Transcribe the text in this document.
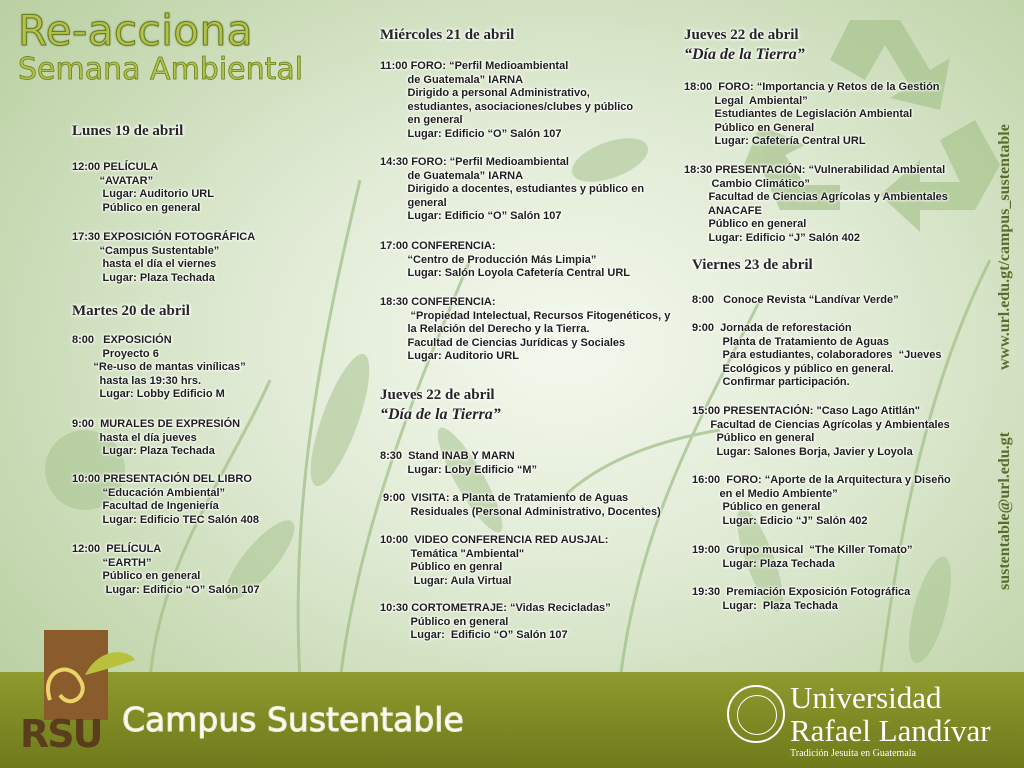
Re-acciona
Semana Ambiental
Lunes 19 de abril
12:00 PELÍCULA
“AVATAR”
Lugar: Auditorio URL
Público en general
17:30 EXPOSICIÓN FOTOGRÁFICA
“Campus Sustentable”
hasta el día el viernes
Lugar: Plaza Techada
Martes 20 de abril
8:00   EXPOSICIÓN
Proyecto 6
“Re-uso de mantas vinílicas”
hasta las 19:30 hrs.
Lugar: Lobby Edificio M
9:00  MURALES DE EXPRESIÓN
hasta el día jueves
Lugar: Plaza Techada
10:00 PRESENTACIÓN DEL LIBRO
“Educación Ambiental”
Facultad de Ingeniería
Lugar: Edificio TEC Salón 408
12:00  PELÍCULA
“EARTH”
Público en general
Lugar: Edificio “O” Salón 107
Miércoles 21 de abril
11:00 FORO: “Perfil Medioambiental
de Guatemala” IARNA
Dirigido a personal Administrativo,
estudiantes, asociaciones/clubes y público
en general
Lugar: Edificio “O” Salón 107
14:30 FORO: “Perfil Medioambiental
de Guatemala” IARNA
Dirigido a docentes, estudiantes y público en
general
Lugar: Edificio “O” Salón 107
17:00 CONFERENCIA:
“Centro de Producción Más Limpia”
Lugar: Salón Loyola Cafetería Central URL
18:30 CONFERENCIA:
“Propiedad Intelectual, Recursos Fitogenéticos, y
la Relación del Derecho y la Tierra.
Facultad de Ciencias Jurídicas y Sociales
Lugar: Auditorio URL
Jueves 22 de abril
“Día de la Tierra”
8:30  Stand INAB Y MARN
Lugar: Loby Edificio “M”
9:00  VISITA: a Planta de Tratamiento de Aguas
Residuales (Personal Administrativo, Docentes)
10:00  VIDEO CONFERENCIA RED AUSJAL:
Temática "Ambiental"
Público en genral
Lugar: Aula Virtual
10:30 CORTOMETRAJE: “Vidas Recicladas”
Público en general
Lugar:  Edificio “O” Salón 107
Jueves 22 de abril
“Día de la Tierra”
18:00  FORO: “Importancia y Retos de la Gestión
Legal  Ambiental”
Estudiantes de Legislación Ambiental
Público en General
Lugar: Cafetería Central URL
18:30 PRESENTACIÓN: “Vulnerabilidad Ambiental
Cambio Climático”
Facultad de Ciencias Agrícolas y Ambientales
ANACAFE
Público en general
Lugar: Edificio “J” Salón 402
Viernes 23 de abril
8:00   Conoce Revista “Landívar Verde”
9:00  Jornada de reforestación
Planta de Tratamiento de Aguas
Para estudiantes, colaboradores  “Jueves
Ecológicos y público en general.
Confirmar participación.
15:00 PRESENTACIÓN: "Caso Lago Atitlán"
Facultad de Ciencias Agrícolas y Ambientales
Público en general
Lugar: Salones Borja, Javier y Loyola
16:00  FORO: “Aporte de la Arquitectura y Diseño
en el Medio Ambiente”
Público en general
Lugar: Edicio “J” Salón 402
19:00  Grupo musical  “The Killer Tomato”
Lugar: Plaza Techada
19:30  Premiación Exposición Fotográfica
Lugar:  Plaza Techada
www.url.edu.gt/campus_sustentable
sustentable@url.edu.gt
RSU Campus Sustentable
Universidad
Rafael Landívar
Tradición Jesuita en Guatemala
